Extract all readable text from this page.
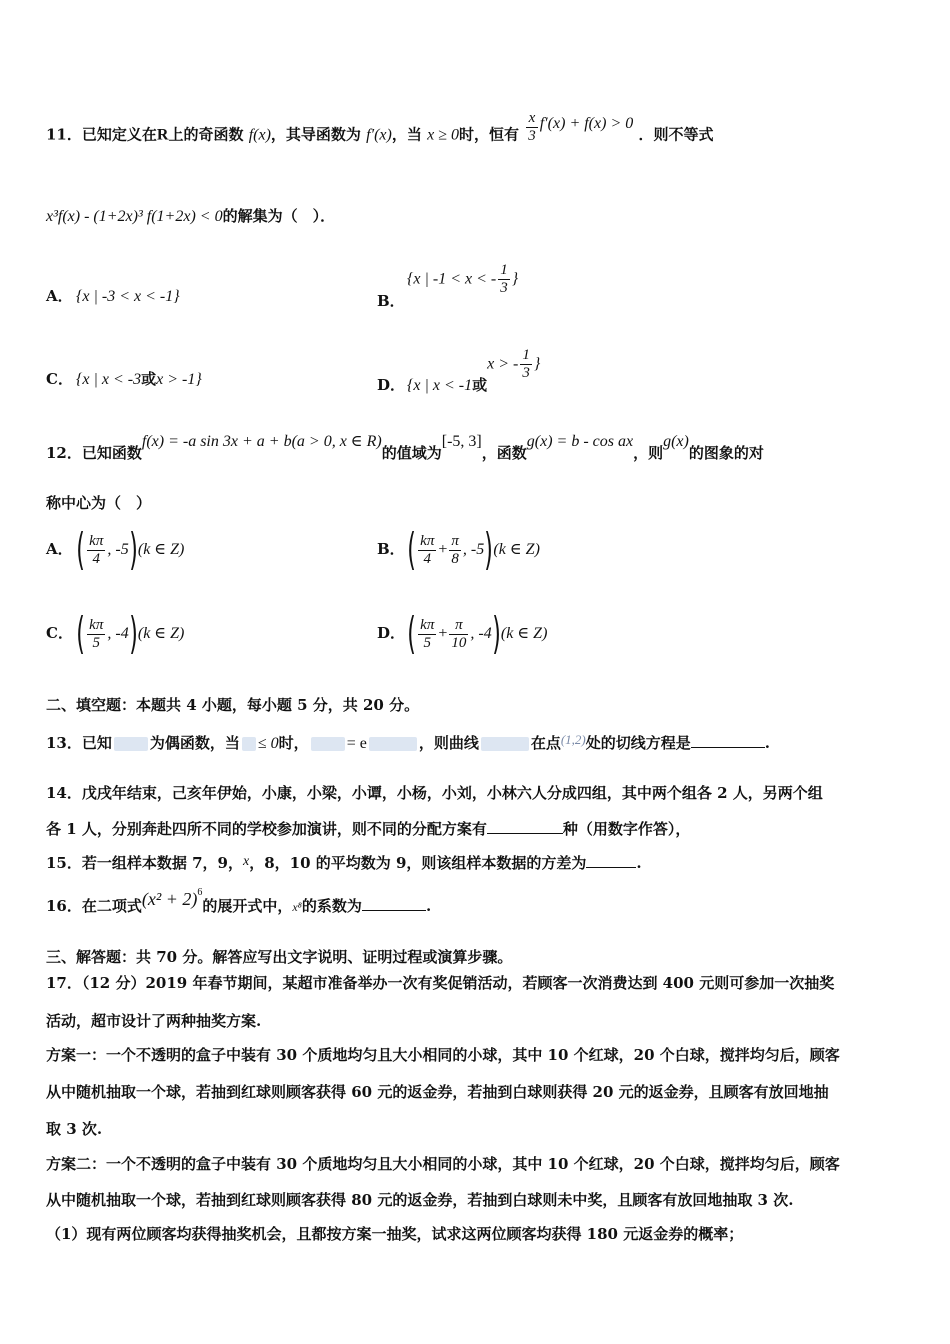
11．已知定义在R上的奇函数 f(x)，其导函数为 f′(x)，当 x ≥ 0时，恒有 $\frac{x}{3} f'(x) + f(x) > 0$ ．则不等式
x³f(x) - (1+2x)³ f(1+2x) < 0的解集为（　）．
A． {x | -3 < x < -1}	B．{x | -1 < x < - $\frac{1}{3}$ }
C． {x | x < -3或x > -1}	D． {x | x < -1或x > - $\frac{1}{3}$ }
12．已知函数f(x) = -a sin 3x + a + b(a > 0, x ∈ R)的值域为[-5, 3]，函数g(x) = b - cos ax，则g(x)的图象的对
称中心为（　）
A．( $\frac{k\pi}{4}$ , -5)(k ∈ Z)	B．( $\frac{k\pi}{4} + \frac{\pi}{8}$ , -5)(k ∈ Z)
C．( $\frac{k\pi}{5}$ , -4)(k ∈ Z)	D．( $\frac{k\pi}{5} + \frac{\pi}{10}$ , -4)(k ∈ Z)
二、填空题：本题共 4 小题，每小题 5 分，共 20 分。
13．已知	为偶函数，当 ≤ 0时， = e	，则曲线	在点(1,2)处的切线方程是	.
14．戊戌年结束，己亥年伊始，小康，小梁，小谭，小杨，小刘，小林六人分成四组，其中两个组各 2 人，另两个组
各 1 人，分别奔赴四所不同的学校参加演讲，则不同的分配方案有	种（用数字作答），
15．若一组样本数据 7，9，x，8，10 的平均数为 9，则该组样本数据的方差为	.
16．在二项式$(x^2 + 2)^6$的展开式中，x⁸的系数为	.
三、解答题：共 70 分。解答应写出文字说明、证明过程或演算步骤。
17．（12 分）2019 年春节期间，某超市准备举办一次有奖促销活动，若顾客一次消费达到 400 元则可参加一次抽奖
活动，超市设计了两种抽奖方案.
方案一：一个不透明的盒子中装有 30 个质地均匀且大小相同的小球，其中 10 个红球，20 个白球，搅拌均匀后，顾客
从中随机抽取一个球，若抽到红球则顾客获得 60 元的返金券，若抽到白球则获得 20 元的返金券，且顾客有放回地抽
取 3 次.
方案二：一个不透明的盒子中装有 30 个质地均匀且大小相同的小球，其中 10 个红球，20 个白球，搅拌均匀后，顾客
从中随机抽取一个球，若抽到红球则顾客获得 80 元的返金券，若抽到白球则未中奖，且顾客有放回地抽取 3 次.
（1）现有两位顾客均获得抽奖机会，且都按方案一抽奖，试求这两位顾客均获得 180 元返金券的概率；
